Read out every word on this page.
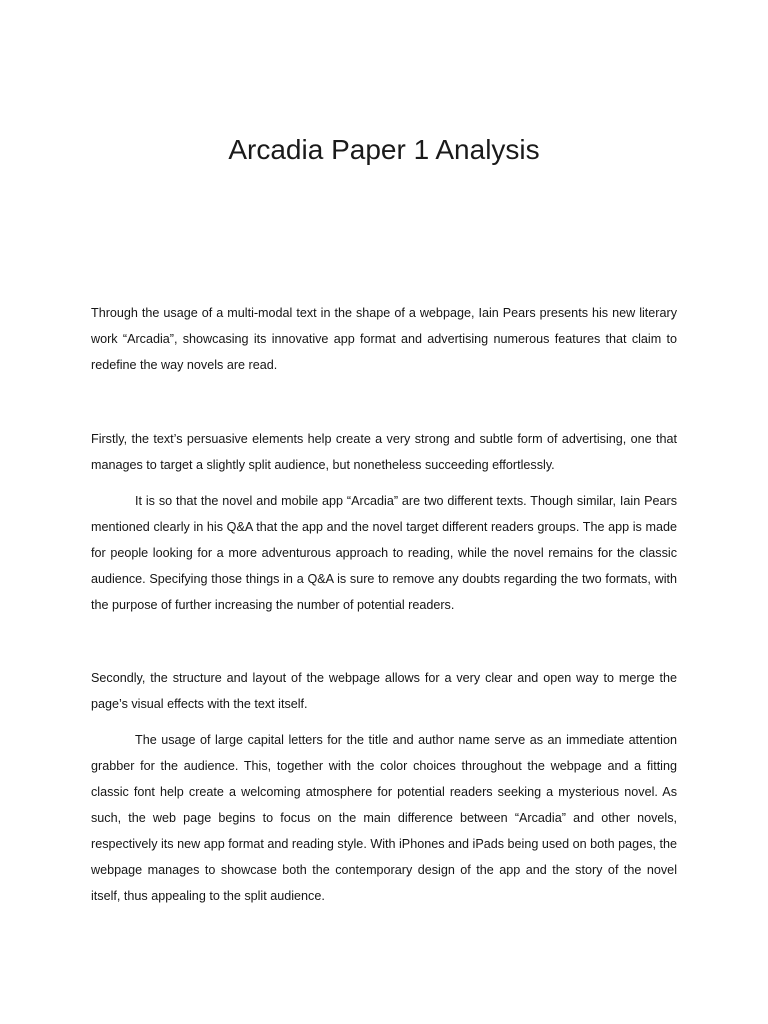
Arcadia Paper 1 Analysis

Through the usage of a multi-modal text in the shape of a webpage, Iain Pears presents his new literary work “Arcadia”, showcasing its innovative app format and advertising numerous features that claim to redefine the way novels are read.

Firstly, the text’s persuasive elements help create a very strong and subtle form of advertising, one that manages to target a slightly split audience, but nonetheless succeeding effortlessly.

It is so that the novel and mobile app “Arcadia” are two different texts. Though similar, Iain Pears mentioned clearly in his Q&A that the app and the novel target different readers groups. The app is made for people looking for a more adventurous approach to reading, while the novel remains for the classic audience. Specifying those things in a Q&A is sure to remove any doubts regarding the two formats, with the purpose of further increasing the number of potential readers.

Secondly, the structure and layout of the webpage allows for a very clear and open way to merge the page’s visual effects with the text itself.

The usage of large capital letters for the title and author name serve as an immediate attention grabber for the audience. This, together with the color choices throughout the webpage and a fitting classic font help create a welcoming atmosphere for potential readers seeking a mysterious novel. As such, the web page begins to focus on the main difference between “Arcadia” and other novels, respectively its new app format and reading style. With iPhones and iPads being used on both pages, the webpage manages to showcase both the contemporary design of the app and the story of the novel itself, thus appealing to the split audience.
